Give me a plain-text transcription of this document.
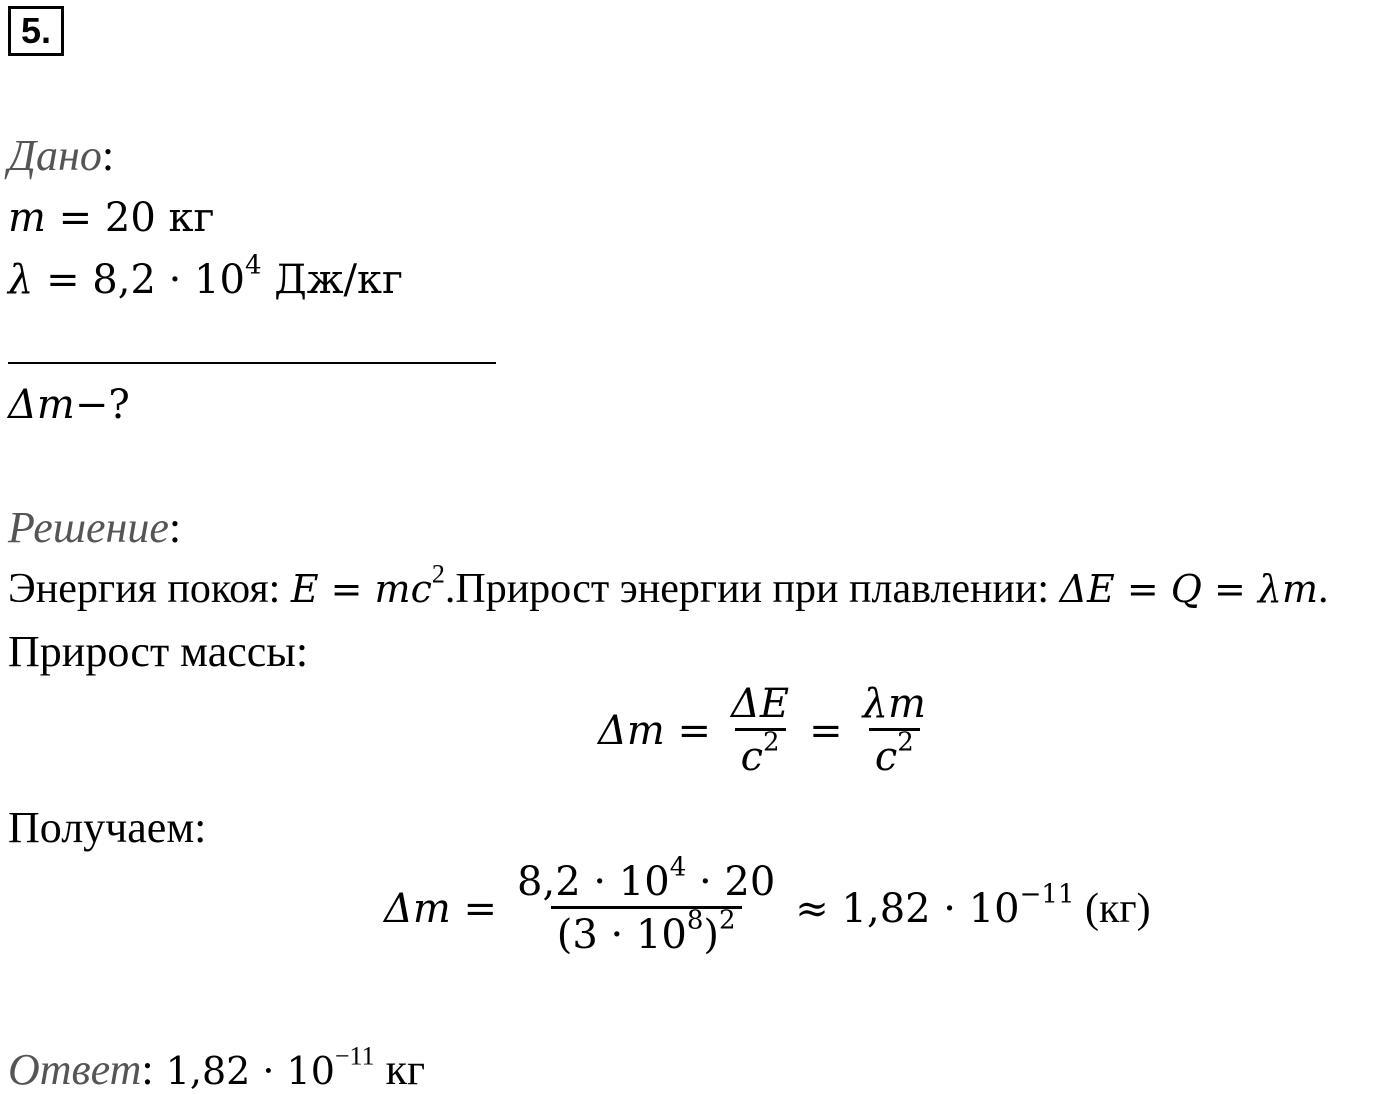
5.
Дано:
m = 20 кг
$\lambda = 8,2 \cdot 10^4$ Дж/кг
Δm−?
Решение:
Энергия покоя: $E = mc^2.Прирост$ энергии при плавлении: ΔE = Q = λm.
Прирост массы:
$\Delta m = \frac{\Delta E}{c^2} = \frac{\lambda m}{c^2}$
Получаем:
$\Delta m = \frac{8,2 \cdot 10^4 \cdot 20}{(3 \cdot 10^8)^2} \approx 1,82 \cdot 10^{-11}$ (кг)
Ответ: $1,82 \cdot 10^{-11}$ кг
